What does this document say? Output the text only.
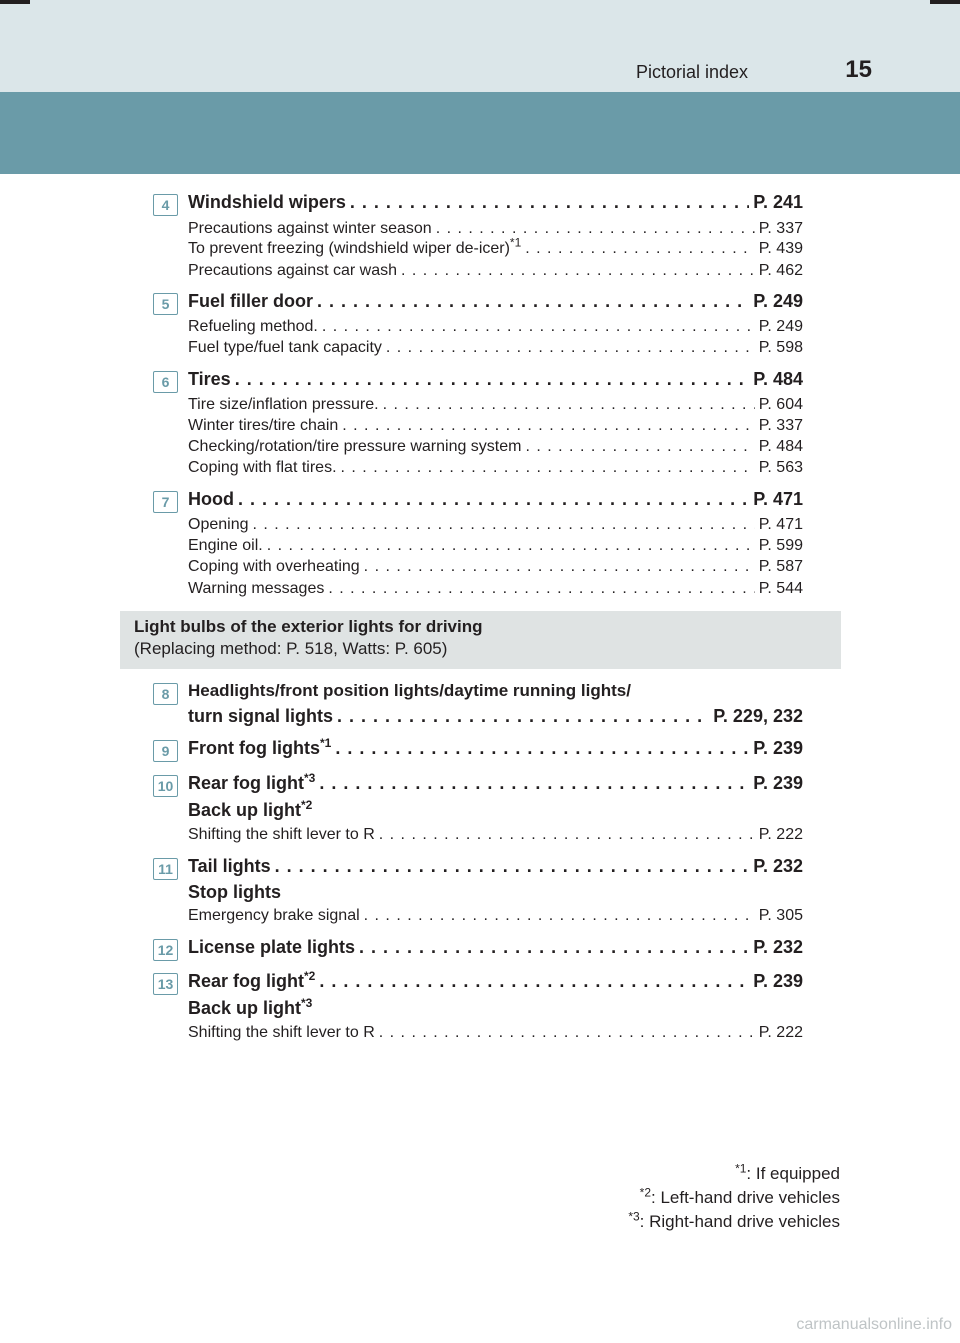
Pictorial index	15
4	Windshield wipers . . .	P. 241
Precautions against winter season . . .	P. 337
To prevent freezing (windshield wiper de-icer)$^{*1}$ . . .	P. 439
Precautions against car wash . . .	P. 462
5	Fuel filler door . . .	P. 249
Refueling method. . . .	P. 249
Fuel type/fuel tank capacity . . .	P. 598
6	Tires . . .	P. 484
Tire size/inflation pressure. . . .	P. 604
Winter tires/tire chain . . .	P. 337
Checking/rotation/tire pressure warning system . . .	P. 484
Coping with flat tires. . . .	P. 563
7	Hood . . .	P. 471
Opening . . .	P. 471
Engine oil. . . .	P. 599
Coping with overheating . . .	P. 587
Warning messages . . .	P. 544
Light bulbs of the exterior lights for driving
(Replacing method: P. 518, Watts: P. 605)
8	Headlights/front position lights/daytime running lights/
turn signal lights . . .	P. 229, 232
9	Front fog lights$^{*1}$ . . .	P. 239
10 Rear fog light$^{*3}$ . . .	P. 239
Back up light$^{*2}$
Shifting the shift lever to R . . .	P. 222
11 Tail lights . . .	P. 232
Stop lights
Emergency brake signal . . .	P. 305
12 License plate lights . . .	P. 232
13 Rear fog light$^{*2}$ . . .	P. 239
Back up light$^{*3}$
Shifting the shift lever to R . . .	P. 222
$^{*1}$: If equipped
$^{*2}$: Left-hand drive vehicles
$^{*3}$: Right-hand drive vehicles
carmanualsonline.info
